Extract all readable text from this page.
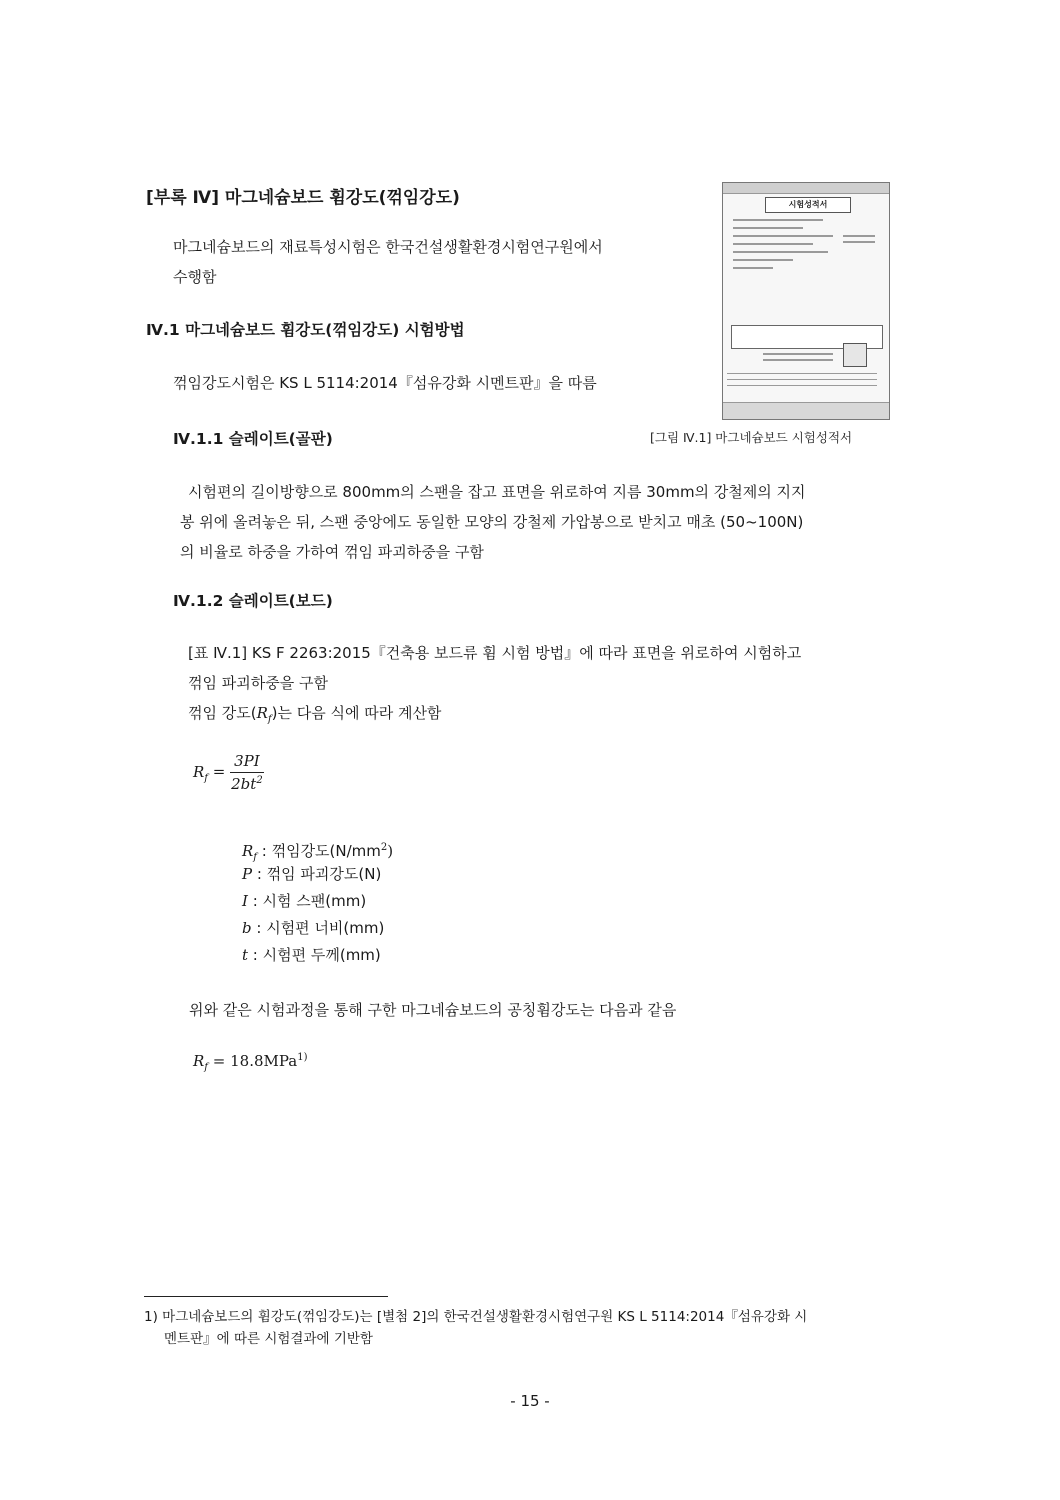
[부록 Ⅳ] 마그네슘보드 휨강도(꺾임강도)
마그네슘보드의 재료특성시험은 한국건설생활환경시험연구원에서
수행함
Ⅳ.1 마그네슘보드 휨강도(꺾임강도) 시험방법
꺾임강도시험은 KS L 5114:2014『섬유강화 시멘트판』을 따름
시험성적서
[그림 Ⅳ.1] 마그네슘보드 시험성적서
Ⅳ.1.1 슬레이트(골판)
시험편의 길이방향으로 800mm의 스팬을 잡고 표면을 위로하여 지름 30mm의 강철제의 지지
봉 위에 올려놓은 뒤, 스팬 중앙에도 동일한 모양의 강철제 가압봉으로 받치고 매초 (50~100N)
의 비율로 하중을 가하여 꺾임 파괴하중을 구함
Ⅳ.1.2 슬레이트(보드)
[표 Ⅳ.1] KS F 2263:2015『건축용 보드류 휨 시험 방법』에 따라 표면을 위로하여 시험하고
꺾임 파괴하중을 구함
꺾임 강도$(R_f)$는 다음 식에 따라 계산함
$R_f = \frac{3PI}{2bt^2}$
$R_f$ : 꺾임강도$(N/mm^2)$
P : 꺾임 파괴강도(N)
I : 시험 스팬(mm)
b : 시험편 너비(mm)
t : 시험편 두께(mm)
위와 같은 시험과정을 통해 구한 마그네슘보드의 공칭휨강도는 다음과 같음
$R_f = 18.8MPa^{1)}$
1) 마그네슘보드의 휨강도(꺾임강도)는 [별첨 2]의 한국건설생활환경시험연구원 KS L 5114:2014『섬유강화 시
멘트판』에 따른 시험결과에 기반함
- 15 -
